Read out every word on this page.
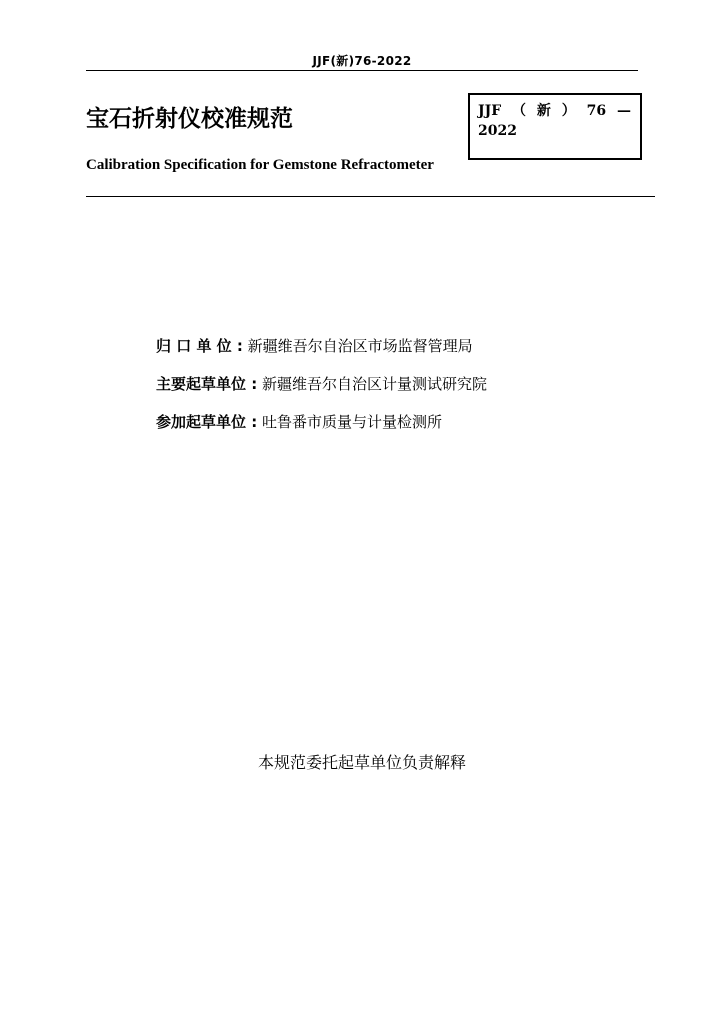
JJF(新)76-2022
宝石折射仪校准规范	JJF （ 新 ） 76 —
2022
Calibration Specification for Gemstone Refractometer
归 口 单 位 : 新疆维吾尔自治区市场监督管理局
主要起草单位 : 新疆维吾尔自治区计量测试研究院
参加起草单位 : 吐鲁番市质量与计量检测所
本规范委托起草单位负责解释
